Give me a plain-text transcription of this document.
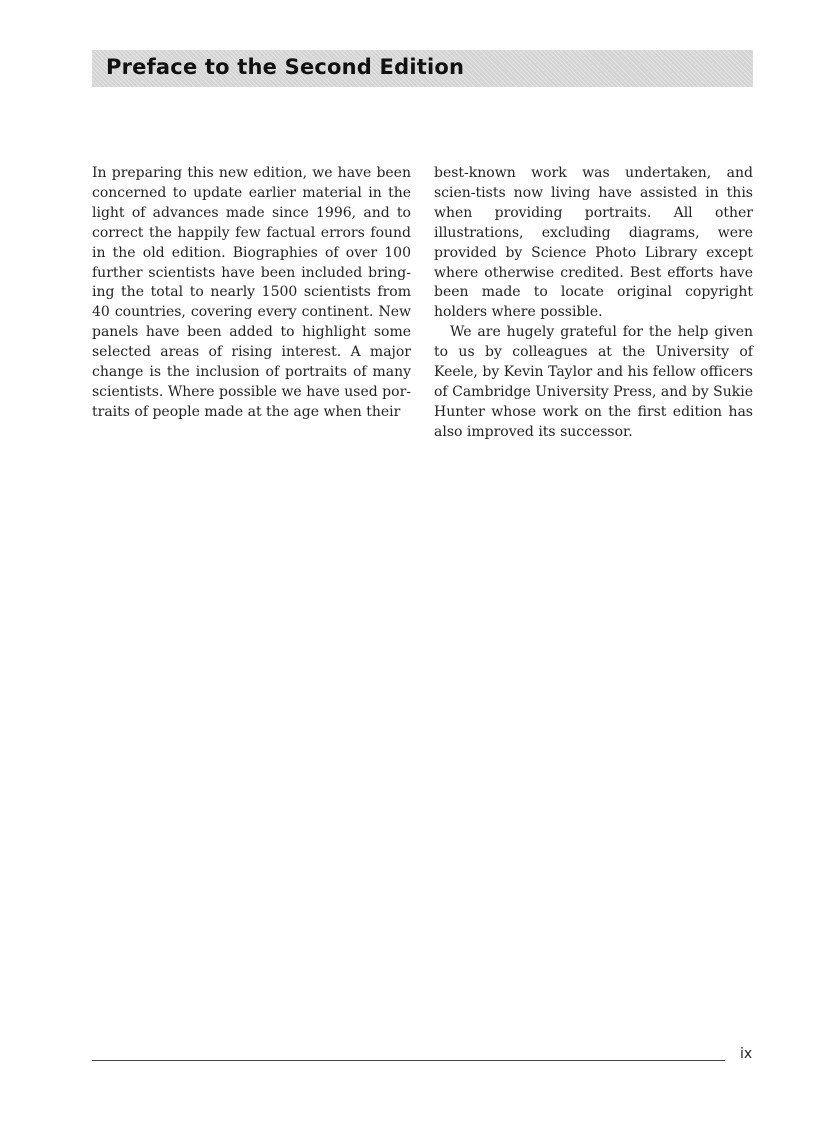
Preface to the Second Edition

In preparing this new edition, we have been concerned to update earlier material in the light of advances made since 1996, and to correct the happily few factual errors found in the old edition. Biographies of over 100 further scientists have been included bring-ing the total to nearly 1500 scientists from 40 countries, covering every continent. New panels have been added to highlight some selected areas of rising interest. A major change is the inclusion of portraits of many scientists. Where possible we have used por-traits of people made at the age when their

best-known work was undertaken, and scien-tists now living have assisted in this when providing portraits. All other illustrations, excluding diagrams, were provided by Science Photo Library except where otherwise credited. Best efforts have been made to locate original copyright holders where possible.

We are hugely grateful for the help given to us by colleagues at the University of Keele, by Kevin Taylor and his fellow officers of Cambridge University Press, and by Sukie Hunter whose work on the first edition has also improved its successor.

ix
